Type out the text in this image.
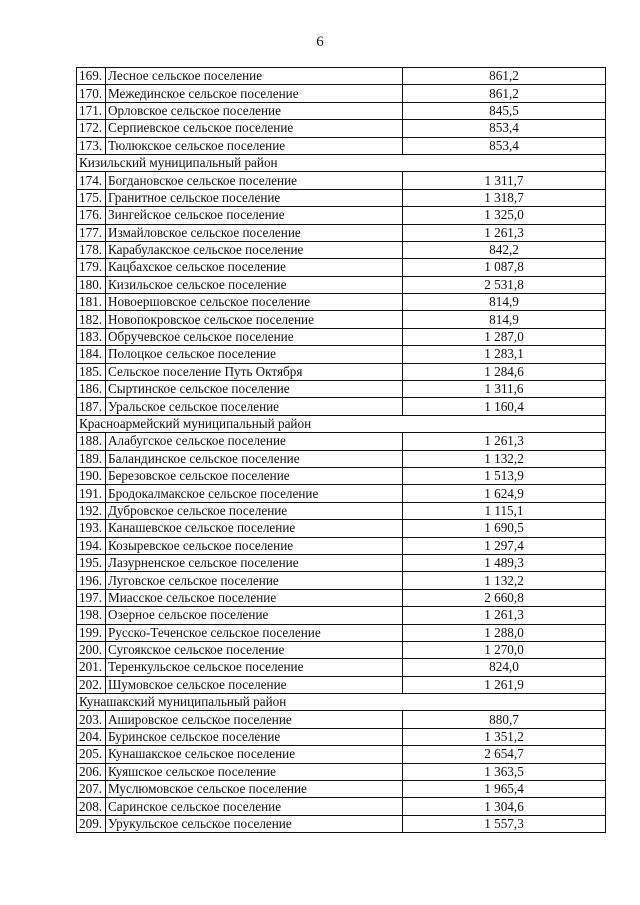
6
169.	Лесное сельское поселение	861,2
170.	Межединское сельское поселение	861,2
171.	Орловское сельское поселение	845,5
172.	Серпиевское сельское поселение	853,4
173.	Тюлюкское сельское поселение	853,4
Кизильский муниципальный район		
174.	Богдановское сельское поселение	1 311,7
175.	Гранитное сельское поселение	1 318,7
176.	Зингейское сельское поселение	1 325,0
177.	Измайловское сельское поселение	1 261,3
178.	Карабулакское сельское поселение	842,2
179.	Кацбахское сельское поселение	1 087,8
180.	Кизильское сельское поселение	2 531,8
181.	Новоершовское сельское поселение	814,9
182.	Новопокровское сельское поселение	814,9
183.	Обручевское сельское поселение	1 287,0
184.	Полоцкое сельское поселение	1 283,1
185.	Сельское поселение Путь Октября	1 284,6
186.	Сыртинское сельское поселение	1 311,6
187.	Уральское сельское поселение	1 160,4
Красноармейский муниципальный район		
188.	Алабугское сельское поселение	1 261,3
189.	Баландинское сельское поселение	1 132,2
190.	Березовское сельское поселение	1 513,9
191.	Бродокалмакское сельское поселение	1 624,9
192.	Дубровское сельское поселение	1 115,1
193.	Канашевское сельское поселение	1 690,5
194.	Козыревское сельское поселение	1 297,4
195.	Лазурненское сельское поселение	1 489,3
196.	Луговское сельское поселение	1 132,2
197.	Миасское сельское поселение	2 660,8
198.	Озерное сельское поселение	1 261,3
199.	Русско-Теченское сельское поселение	1 288,0
200.	Сугоякское сельское поселение	1 270,0
201.	Теренкульское сельское поселение	824,0
202.	Шумовское сельское поселение	1 261,9
Кунашакский муниципальный район		
203.	Ашировское сельское поселение	880,7
204.	Буринское сельское поселение	1 351,2
205.	Кунашакское сельское поселение	2 654,7
206.	Куяшское сельское поселение	1 363,5
207.	Муслюмовское сельское поселение	1 965,4
208.	Саринское сельское поселение	1 304,6
209.	Урукульское сельское поселение	1 557,3
